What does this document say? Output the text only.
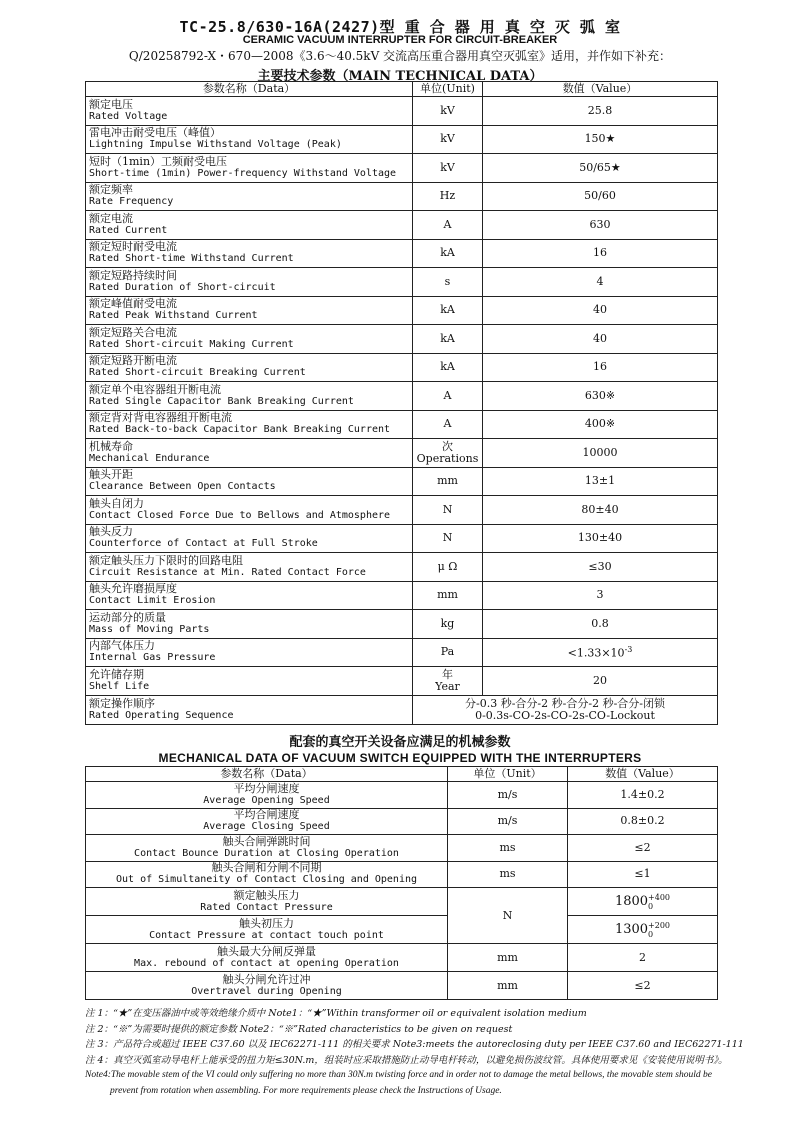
TC-25.8/630-16A(2427)型 重 合 器 用 真 空 灭 弧 室
CERAMIC VACUUM INTERRUPTER FOR CIRCUIT-BREAKER
Q/20258792-X・670—2008《3.6～40.5kV 交流高压重合器用真空灭弧室》适用，并作如下补充：
主要技术参数（MAIN TECHNICAL DATA）
参数名称（Data）	单位(Unit)	数值（Value）

额定电压
Rated Voltage	kV	25.8

雷电冲击耐受电压（峰值）
Lightning Impulse Withstand Voltage (Peak)	kV	150★

短时（1min）工频耐受电压
Short-time (1min) Power-frequency Withstand Voltage	kV	50/65★

额定频率
Rate Frequency	Hz	50/60

额定电流
Rated Current	A	630

额定短时耐受电流
Rated Short-time Withstand Current	kA	16

额定短路持续时间
Rated Duration of Short-circuit	s	4

额定峰值耐受电流
Rated Peak Withstand Current	kA	40

额定短路关合电流
Rated Short-circuit Making Current	kA	40

额定短路开断电流
Rated Short-circuit Breaking Current	kA	16

额定单个电容器组开断电流
Rated Single Capacitor Bank Breaking Current	A	630※

额定背对背电容器组开断电流
Rated Back-to-back Capacitor Bank Breaking Current	A	400※

机械寿命
Mechanical Endurance	次
Operations	10000

触头开距
Clearance Between Open Contacts	mm	13±1

触头自闭力
Contact Closed Force Due to Bellows and Atmosphere	N	80±40

触头反力
Counterforce of Contact at Full Stroke	N	130±40

额定触头压力下限时的回路电阻
Circuit Resistance at Min. Rated Contact Force	μ Ω	≤30

触头允许磨损厚度
Contact Limit Erosion	mm	3

运动部分的质量
Mass of Moving Parts	kg	0.8

内部气体压力
Internal Gas Pressure	Pa	$<1.33\times 10^{-3}$

允许储存期
Shelf Life	年
Year	20

额定操作顺序
Rated Operating Sequence	分-0.3 秒-合分-2 秒-合分-2 秒-合分-闭锁
0-0.3s-CO-2s-CO-2s-CO-Lockout	
配套的真空开关设备应满足的机械参数
MECHANICAL DATA OF VACUUM SWITCH EQUIPPED WITH THE INTERRUPTERS
参数名称（Data）	单位（Unit）	数值（Value）

平均分闸速度
Average Opening Speed	m/s	1.4±0.2

平均合闸速度
Average Closing Speed	m/s	0.8±0.2

触头合闸弹跳时间
Contact Bounce Duration at Closing Operation	ms	≤2

触头合闸和分闸不同期
Out of Simultaneity of Contact Closing and Opening	ms	≤1

额定触头压力
Rated Contact Pressure	N	1800 +400
0

触头初压力
Contact Pressure at contact touch point		1300 +200
0

触头最大分闸反弹量
Max. rebound of contact at opening Operation	mm	2

触头分闸允许过冲
Overtravel during Opening	mm	≤2
注 1：“★”在变压器油中或等效绝缘介质中 Note1：“★”Within transformer oil or equivalent isolation medium
注 2：“※”为需要时提供的额定参数 Note2：“※”Rated characteristics to be given on request
注 3：产品符合或超过 IEEE C37.60 以及 IEC62271-111 的相关要求 Note3:meets the autoreclosing duty per IEEE C37.60 and IEC62271-111
注 4：真空灭弧室动导电杆上能承受的扭力矩≤30N.m，组装时应采取措施防止动导电杆转动，以避免损伤波纹管。具体使用要求见《安装使用说明书》。
Note4:The movable stem of the VI could only suffering no more than 30N.m twisting force and in order not to damage the metal bellows, the movable stem should be
prevent from rotation when assembling. For more requirements please check the Instructions of Usage.
